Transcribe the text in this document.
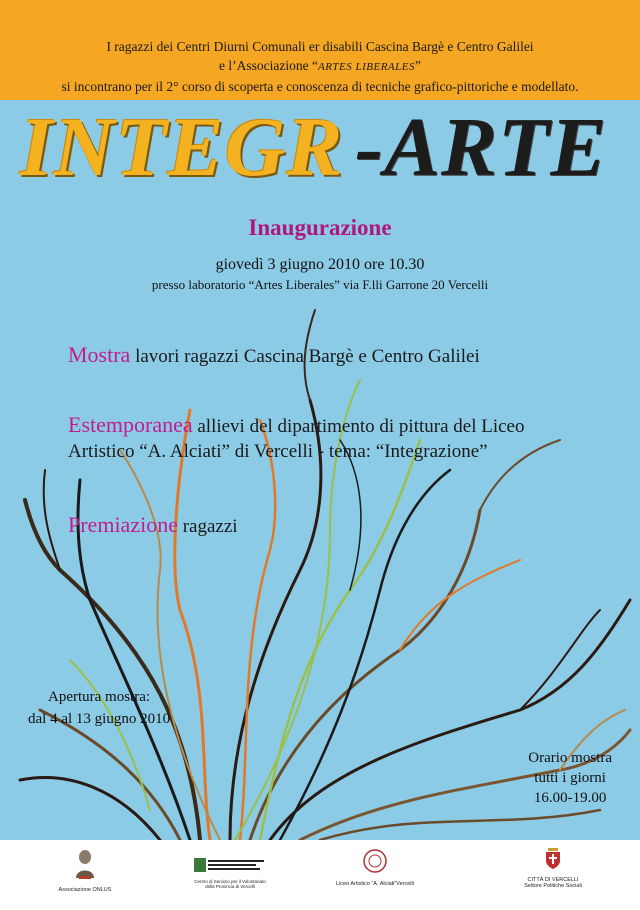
I ragazzi dei Centri Diurni Comunali er disabili Cascina Bargè e Centro Galilei
e l’Associazione “ARTES LIBERALES”
si incontrano per il 2° corso di scoperta e conoscenza di tecniche grafico-pittoriche e modellato.
INTEGR -ARTE
Inaugurazione
giovedì 3 giugno 2010 ore 10.30
presso laboratorio “Artes Liberales” via F.lli Garrone 20 Vercelli
Mostra lavori ragazzi Cascina Bargè e Centro Galilei
Estemporanea allievi del dipartimento di pittura del Liceo
Artistico “A. Alciati” di Vercelli - tema: “Integrazione”
Premiazione ragazzi
Apertura mostra:
dal 4 al 13 giugno 2010
Orario mostra
tutti i giorni
16.00-19.00
Associazione ONLUS
Centro di Servizio per il Volontariato della Provincia di Vercelli	Liceo Artistico “A. Alciati”Vercelli
CITTÀ DI VERCELLI
Settore Politiche Sociali
